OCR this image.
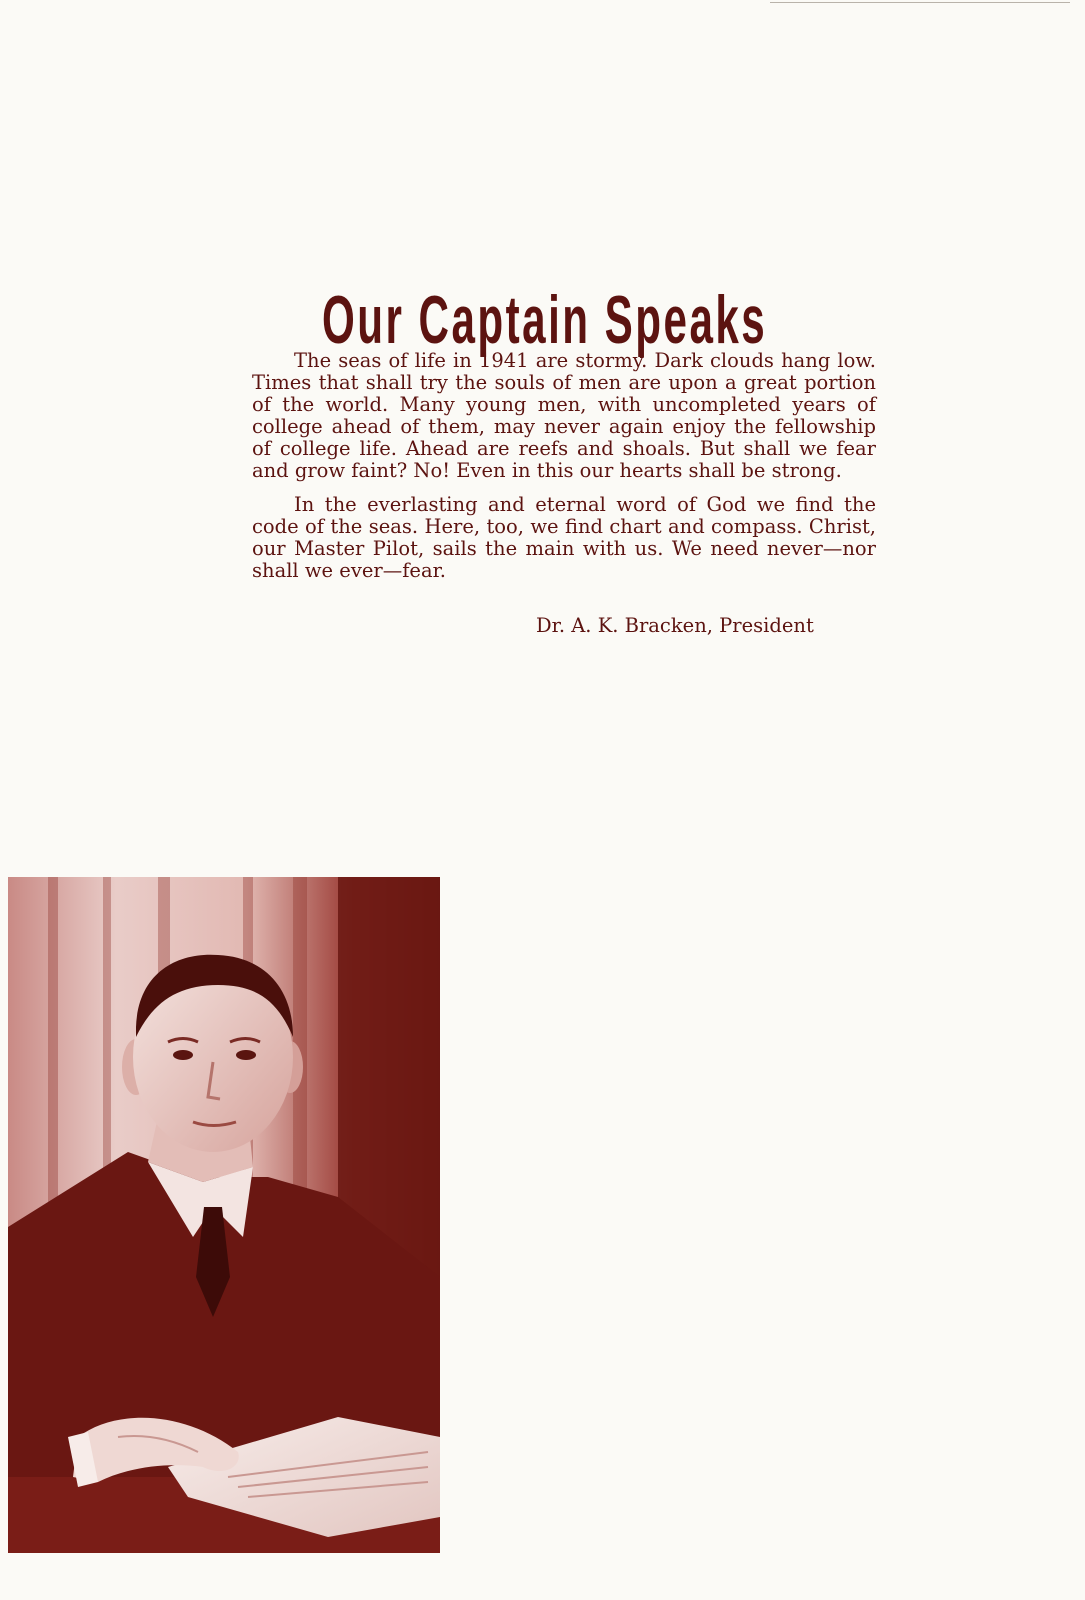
Our Captain Speaks

The seas of life in 1941 are stormy. Dark clouds hang low. Times that shall try the souls of men are upon a great portion of the world. Many young men, with uncompleted years of college ahead of them, may never again enjoy the fellowship of college life. Ahead are reefs and shoals. But shall we fear and grow faint? No! Even in this our hearts shall be strong.

In the everlasting and eternal word of God we find the code of the seas. Here, too, we find chart and compass. Christ, our Master Pilot, sails the main with us. We need never—nor shall we ever—fear.

Dr. A. K. Bracken, President
